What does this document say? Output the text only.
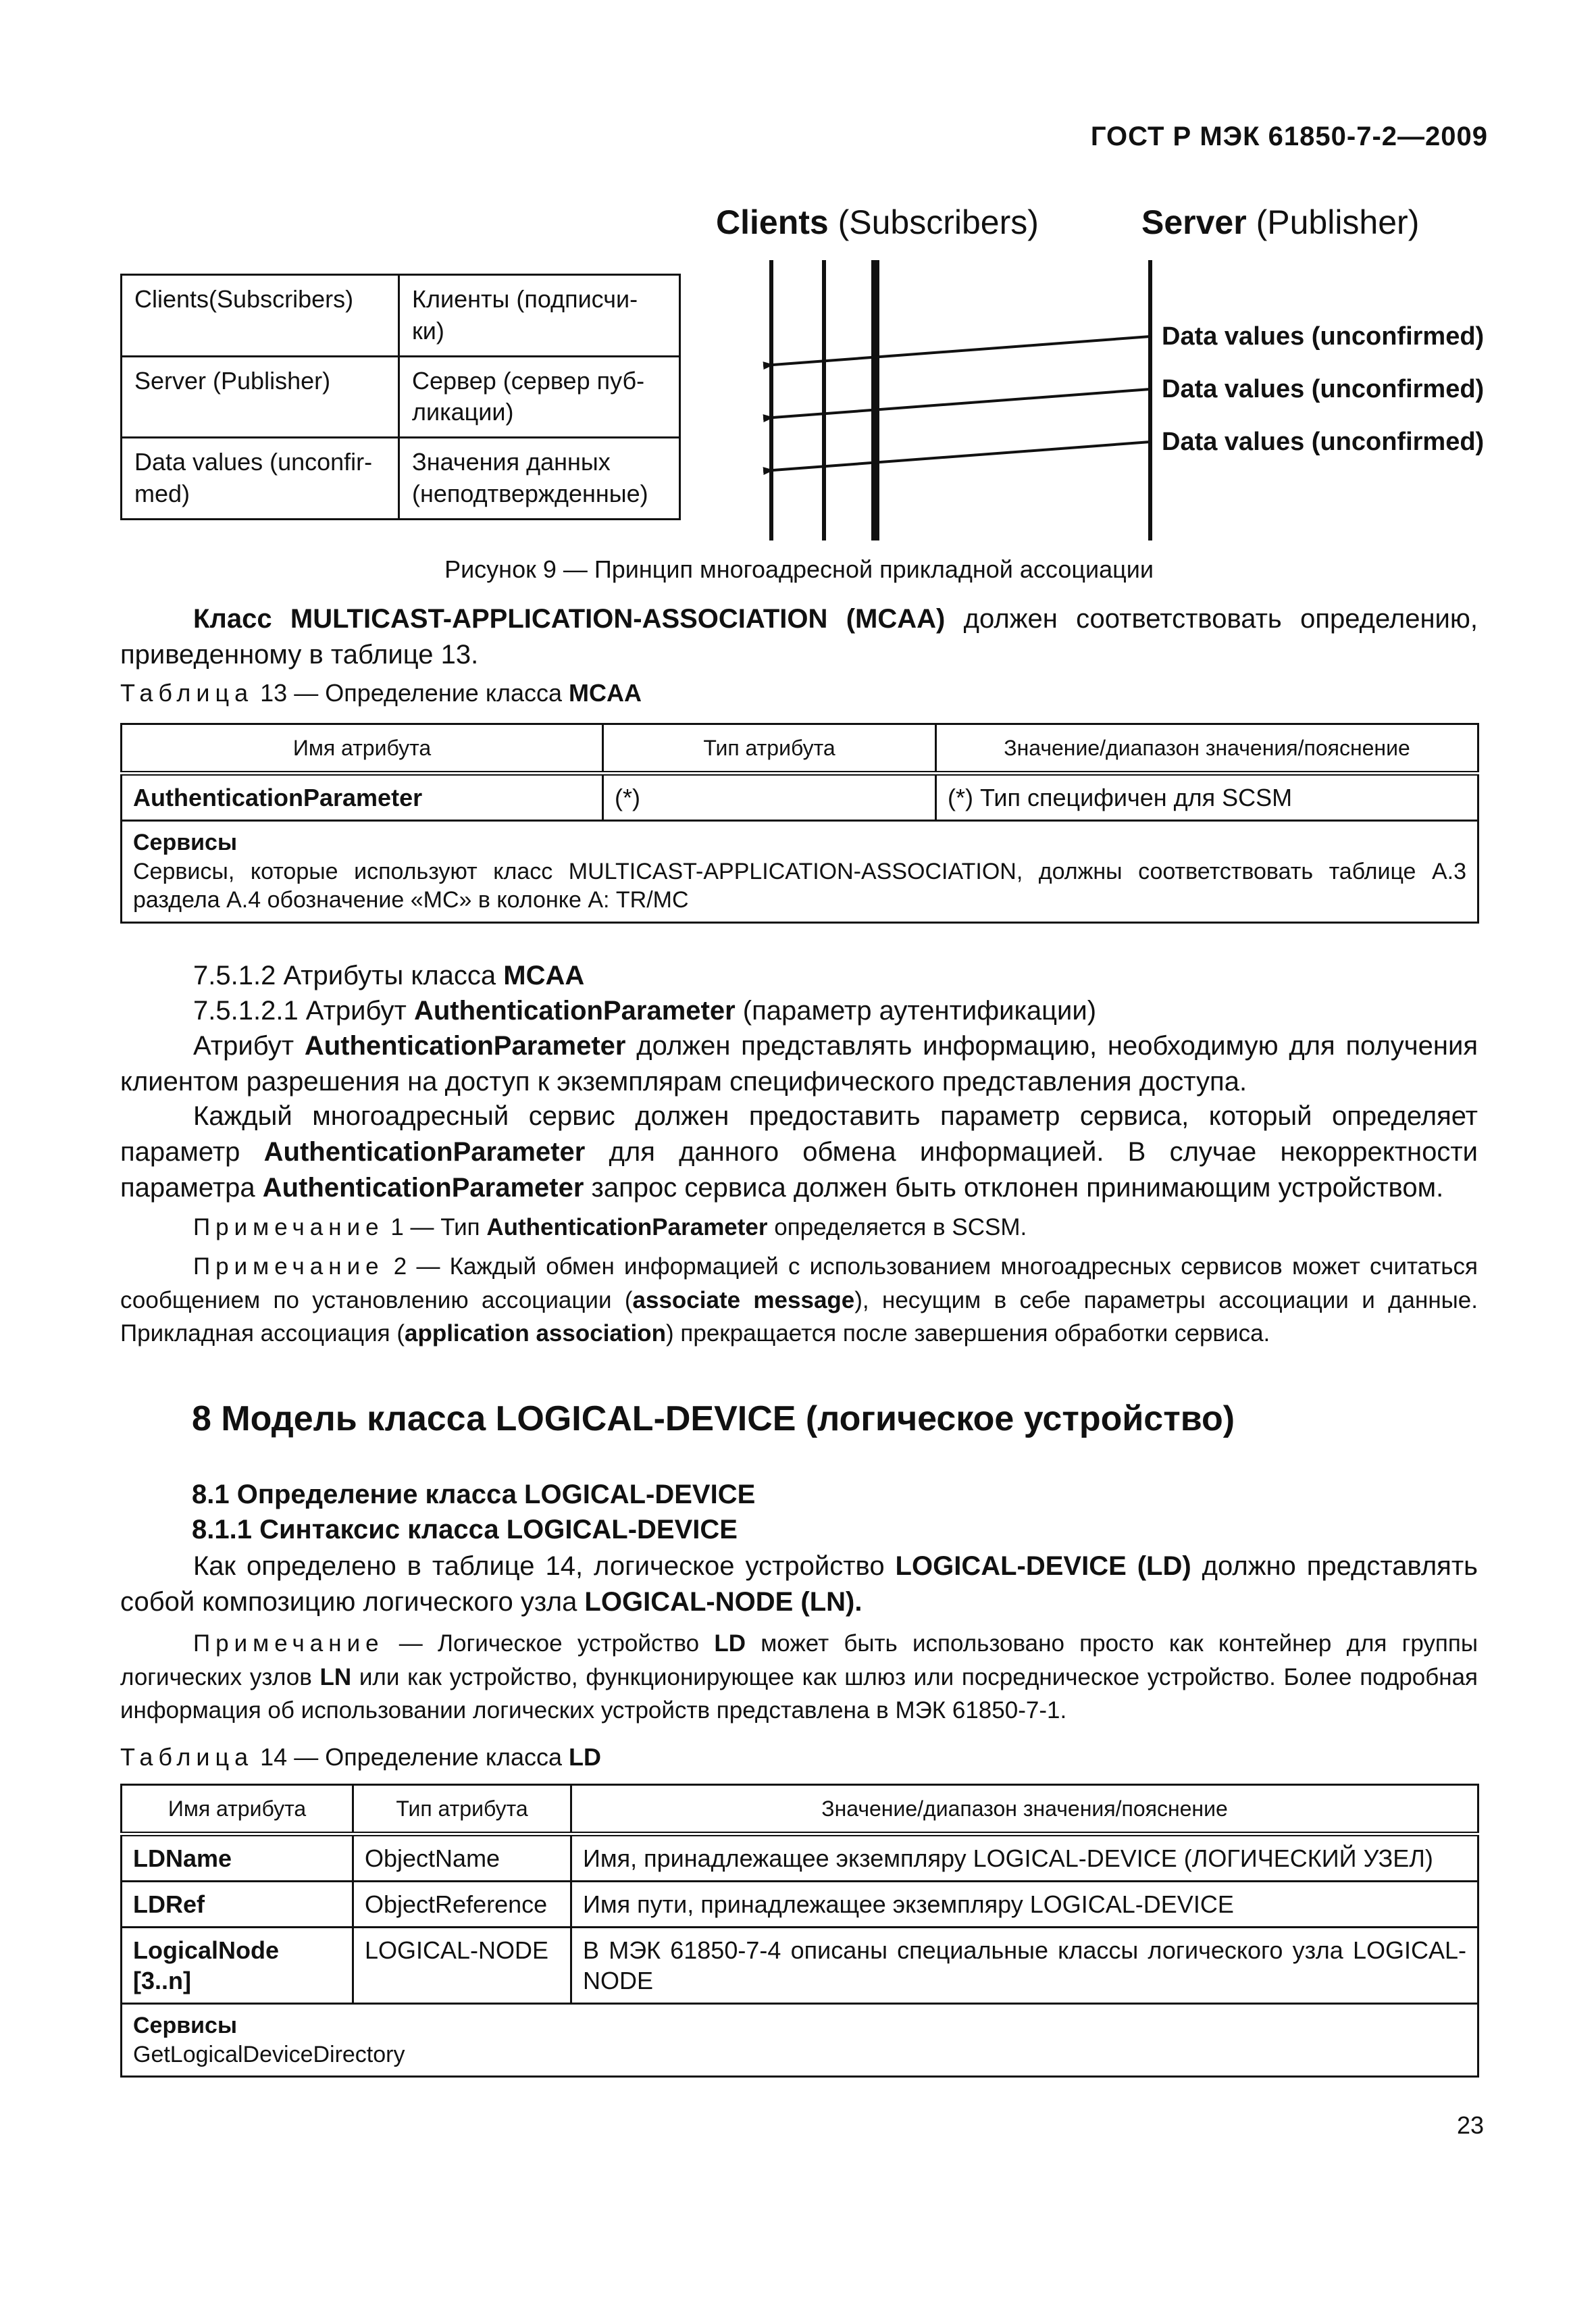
ГОСТ Р МЭК 61850-7-2—2009
Clients(Subscribers)	Клиенты (подписчи-ки)
Server (Publisher)	Сервер (сервер пуб-ликации)
Data values (unconfir-med)	Значения данных (неподтвержденные)
Clients (Subscribers)	Server (Publisher)
Data values (unconfirmed)
Data values (unconfirmed)
Data values (unconfirmed)
Рисунок 9 — Принцип многоадресной прикладной ассоциации
Класс MULTICAST-APPLICATION-ASSOCIATION (MCAA) должен соответствовать определению, приведенному в таблице 13.
Таблица 13 — Определение класса MCAA
Имя атрибута	Тип атрибута	Значение/диапазон значения/пояснение
AuthenticationParameter	(*)	(*) Тип специфичен для SCSM

Сервисы
Сервисы, которые используют класс MULTICAST-APPLICATION-ASSOCIATION, должны соответствовать таблице А.3 раздела А.4 обозначение «МС» в колонке А: TR/MC		
7.5.1.2 Атрибуты класса MCAA
7.5.1.2.1 Атрибут AuthenticationParameter (параметр аутентификации)
Атрибут AuthenticationParameter должен представлять информацию, необходимую для получения клиентом разрешения на доступ к экземплярам специфического представления доступа.
Каждый многоадресный сервис должен предоставить параметр сервиса, который определяет параметр AuthenticationParameter для данного обмена информацией. В случае некорректности параметра AuthenticationParameter запрос сервиса должен быть отклонен принимающим устройством.
Примечание 1 — Тип AuthenticationParameter определяется в SCSM.
Примечание 2 — Каждый обмен информацией с использованием многоадресных сервисов может считаться сообщением по установлению ассоциации (associate message), несущим в себе параметры ассоциации и данные. Прикладная ассоциация (application association) прекращается после завершения обработки сервиса.
8 Модель класса LOGICAL-DEVICE (логическое устройство)
8.1 Определение класса LOGICAL-DEVICE
8.1.1 Синтаксис класса LOGICAL-DEVICE
Как определено в таблице 14, логическое устройство LOGICAL-DEVICE (LD) должно представлять собой композицию логического узла LOGICAL-NODE (LN).
Примечание — Логическое устройство LD может быть использовано просто как контейнер для группы логических узлов LN или как устройство, функционирующее как шлюз или посредническое устройство. Более подробная информация об использовании логических устройств представлена в МЭК 61850-7-1.
Таблица 14 — Определение класса LD
Имя атрибута	Тип атрибута	Значение/диапазон значения/пояснение
LDName	ObjectName	Имя, принадлежащее экземпляру LOGICAL-DEVICE (ЛОГИЧЕСКИЙ УЗЕЛ)
LDRef	ObjectReference	Имя пути, принадлежащее экземпляру LOGICAL-DEVICE
LogicalNode [3..n]	LOGICAL-NODE	В МЭК 61850-7-4 описаны специальные классы логического узла LOGICAL-NODE

Сервисы
GetLogicalDeviceDirectory		
23
